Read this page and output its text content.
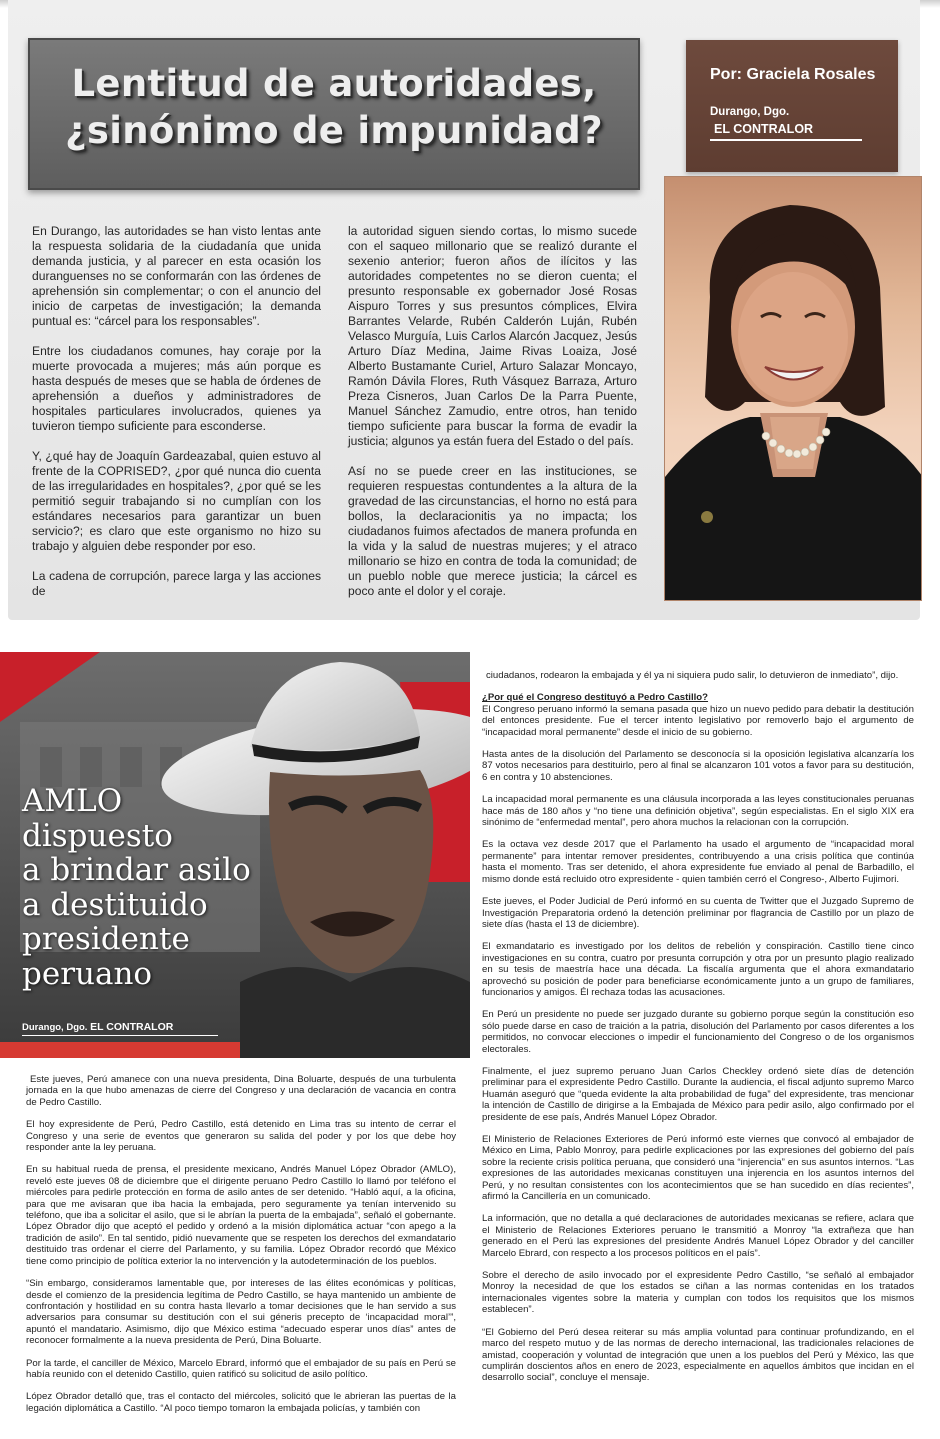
Lentitud de autoridades,
¿sinónimo de impunidad?
Por: Graciela Rosales
Durango, Dgo.
EL CONTRALOR

En Durango, las autoridades se han visto lentas ante la respuesta solidaria de la ciudadanía que unida demanda justicia, y al parecer en esta ocasión los duranguenses no se conformarán con las órdenes de aprehensión sin complementar; o con el anuncio del inicio de carpetas de investigación; la demanda puntual es: “cárcel para los responsables”.

Entre los ciudadanos comunes, hay coraje por la muerte provocada a mujeres; más aún porque es hasta después de meses que se habla de órdenes de aprehensión a dueños y administradores de hospitales particulares involucrados, quienes ya tuvieron tiempo suficiente para esconderse.

Y, ¿qué hay de Joaquín Gardeazabal, quien estuvo al frente de la COPRISED?, ¿por qué nunca dio cuenta de las irregularidades en hospitales?, ¿por qué se les permitió seguir trabajando si no cumplían con los estándares necesarios para garantizar un buen servicio?; es claro que este organismo no hizo su trabajo y alguien debe responder por eso.

La cadena de corrupción, parece larga y las acciones de

la autoridad siguen siendo cortas, lo mismo sucede con el saqueo millonario que se realizó durante el sexenio anterior; fueron años de ilícitos y las autoridades competentes no se dieron cuenta; el presunto responsable ex gobernador José Rosas Aispuro Torres y sus presuntos cómplices, Elvira Barrantes Velarde, Rubén Calderón Luján, Rubén Velasco Murguía, Luis Carlos Alarcón Jacquez, Jesús Arturo Díaz Medina, Jaime Rivas Loaiza, José Alberto Bustamante Curiel, Arturo Salazar Moncayo, Ramón Dávila Flores, Ruth Vásquez Barraza, Arturo Preza Cisneros, Juan Carlos De la Parra Puente, Manuel Sánchez Zamudio, entre otros, han tenido tiempo suficiente para buscar la forma de evadir la justicia; algunos ya están fuera del Estado o del país.

Así no se puede creer en las instituciones, se requieren respuestas contundentes a la altura de la gravedad de las circunstancias, el horno no está para bollos, la declaracionitis ya no impacta; los ciudadanos fuimos afectados de manera profunda en la vida y la salud de nuestras mujeres; y el atraco millonario se hizo en contra de toda la comunidad; de un pueblo noble que merece justicia; la cárcel es poco ante el dolor y el coraje.

AMLO
dispuesto
a brindar asilo
a destituido
presidente
peruano
Durango, Dgo. EL CONTRALOR

Este jueves, Perú amanece con una nueva presidenta, Dina Boluarte, después de una turbulenta jornada en la que hubo amenazas de cierre del Congreso y una declaración de vacancia en contra de Pedro Castillo.

El hoy expresidente de Perú, Pedro Castillo, está detenido en Lima tras su intento de cerrar el Congreso y una serie de eventos que generaron su salida del poder y por los que debe hoy responder ante la ley peruana.

En su habitual rueda de prensa, el presidente mexicano, Andrés Manuel López Obrador (AMLO), reveló este jueves 08 de diciembre que el dirigente peruano Pedro Castillo lo llamó por teléfono el miércoles para pedirle protección en forma de asilo antes de ser detenido. “Habló aquí, a la oficina, para que me avisaran que iba hacia la embajada, pero seguramente ya tenían intervenido su teléfono, que iba a solicitar el asilo, que si le abrían la puerta de la embajada”, señaló el gobernante. López Obrador dijo que aceptó el pedido y ordenó a la misión diplomática actuar “con apego a la tradición de asilo”. En tal sentido, pidió nuevamente que se respeten los derechos del exmandatario destituido tras ordenar el cierre del Parlamento, y su familia. López Obrador recordó que México tiene como principio de política exterior la no intervención y la autodeterminación de los pueblos.

“Sin embargo, consideramos lamentable que, por intereses de las élites económicas y políticas, desde el comienzo de la presidencia legítima de Pedro Castillo, se haya mantenido un ambiente de confrontación y hostilidad en su contra hasta llevarlo a tomar decisiones que le han servido a sus adversarios para consumar su destitución con el sui géneris precepto de ‘incapacidad moral’”, apuntó el mandatario. Asimismo, dijo que México estima “adecuado esperar unos días” antes de reconocer formalmente a la nueva presidenta de Perú, Dina Boluarte.

Por la tarde, el canciller de México, Marcelo Ebrard, informó que el embajador de su país en Perú se había reunido con el detenido Castillo, quien ratificó su solicitud de asilo político.

López Obrador detalló que, tras el contacto del miércoles, solicitó que le abrieran las puertas de la legación diplomática a Castillo. “Al poco tiempo tomaron la embajada policías, y también con

ciudadanos, rodearon la embajada y él ya ni siquiera pudo salir, lo detuvieron de inmediato”, dijo.

¿Por qué el Congreso destituyó a Pedro Castillo?

El Congreso peruano informó la semana pasada que hizo un nuevo pedido para debatir la destitución del entonces presidente. Fue el tercer intento legislativo por removerlo bajo el argumento de “incapacidad moral permanente” desde el inicio de su gobierno.

Hasta antes de la disolución del Parlamento se desconocía si la oposición legislativa alcanzaría los 87 votos necesarios para destituirlo, pero al final se alcanzaron 101 votos a favor para su destitución, 6 en contra y 10 abstenciones.

La incapacidad moral permanente es una cláusula incorporada a las leyes constitucionales peruanas hace más de 180 años y “no tiene una definición objetiva”, según especialistas. En el siglo XIX era sinónimo de “enfermedad mental”, pero ahora muchos la relacionan con la corrupción.

Es la octava vez desde 2017 que el Parlamento ha usado el argumento de “incapacidad moral permanente” para intentar remover presidentes, contribuyendo a una crisis política que continúa hasta el momento. Tras ser detenido, el ahora expresidente fue enviado al penal de Barbadillo, el mismo donde está recluido otro expresidente - quien también cerró el Congreso-, Alberto Fujimori.

Este jueves, el Poder Judicial de Perú informó en su cuenta de Twitter que el Juzgado Supremo de Investigación Preparatoria ordenó la detención preliminar por flagrancia de Castillo por un plazo de siete días (hasta el 13 de diciembre).

El exmandatario es investigado por los delitos de rebelión y conspiración. Castillo tiene cinco investigaciones en su contra, cuatro por presunta corrupción y otra por un presunto plagio realizado en su tesis de maestría hace una década. La fiscalía argumenta que el ahora exmandatario aprovechó su posición de poder para beneficiarse económicamente junto a un grupo de familiares, funcionarios y amigos. Él rechaza todas las acusaciones.

En Perú un presidente no puede ser juzgado durante su gobierno porque según la constitución eso sólo puede darse en caso de traición a la patria, disolución del Parlamento por casos diferentes a los permitidos, no convocar elecciones o impedir el funcionamiento del Congreso o de los organismos electorales.

Finalmente, el juez supremo peruano Juan Carlos Checkley ordenó siete días de detención preliminar para el expresidente Pedro Castillo. Durante la audiencia, el fiscal adjunto supremo Marco Huamán aseguró que “queda evidente la alta probabilidad de fuga” del expresidente, tras mencionar la intención de Castillo de dirigirse a la Embajada de México para pedir asilo, algo confirmado por el presidente de ese país, Andrés Manuel López Obrador.

El Ministerio de Relaciones Exteriores de Perú informó este viernes que convocó al embajador de México en Lima, Pablo Monroy, para pedirle explicaciones por las expresiones del gobierno del país sobre la reciente crisis política peruana, que consideró una “injerencia” en sus asuntos internos. “Las expresiones de las autoridades mexicanas constituyen una injerencia en los asuntos internos del Perú, y no resultan consistentes con los acontecimientos que se han sucedido en días recientes”, afirmó la Cancillería en un comunicado.

La información, que no detalla a qué declaraciones de autoridades mexicanas se refiere, aclara que el Ministerio de Relaciones Exteriores peruano le transmitió a Monroy “la extrañeza que han generado en el Perú las expresiones del presidente Andrés Manuel López Obrador y del canciller Marcelo Ebrard, con respecto a los procesos políticos en el país”.

Sobre el derecho de asilo invocado por el expresidente Pedro Castillo, “se señaló al embajador Monroy la necesidad de que los estados se ciñan a las normas contenidas en los tratados internacionales vigentes sobre la materia y cumplan con todos los requisitos que los mismos establecen”.

“El Gobierno del Perú desea reiterar su más amplia voluntad para continuar profundizando, en el marco del respeto mutuo y de las normas de derecho internacional, las tradicionales relaciones de amistad, cooperación y voluntad de integración que unen a los pueblos del Perú y México, las que cumplirán doscientos años en enero de 2023, especialmente en aquellos ámbitos que incidan en el desarrollo social”, concluye el mensaje.
